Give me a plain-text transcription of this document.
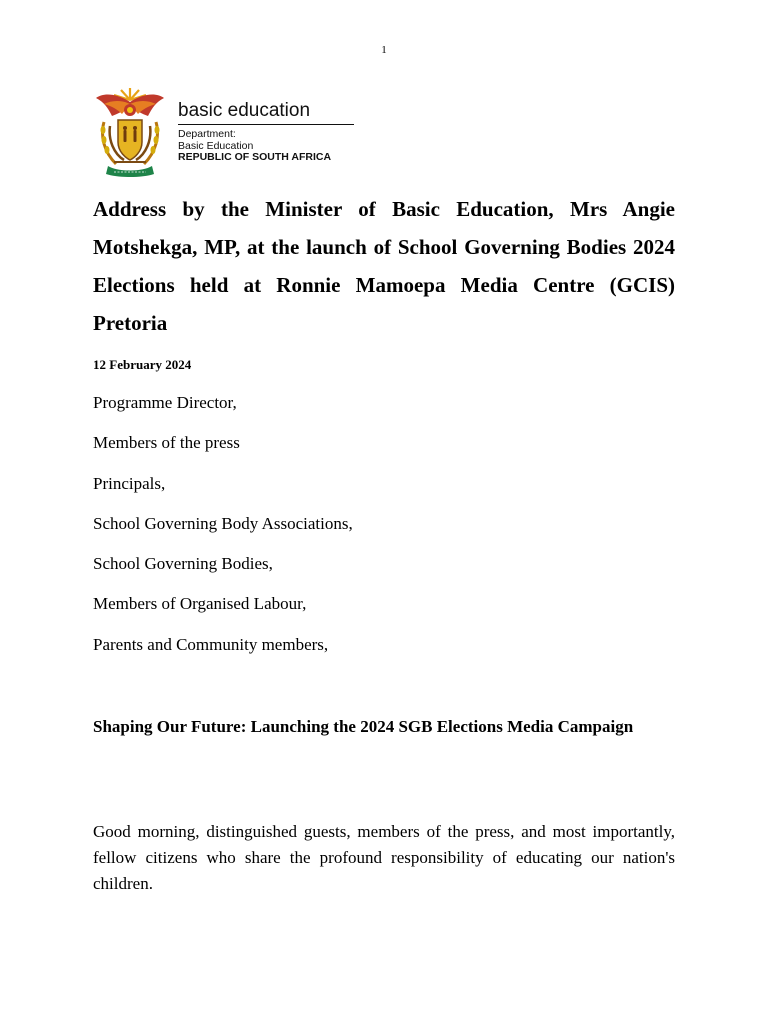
1
basic education
Department:
Basic Education
REPUBLIC OF SOUTH AFRICA
Address by the Minister of Basic Education, Mrs Angie Motshekga, MP, at the launch of School Governing Bodies 2024 Elections held at Ronnie Mamoepa Media Centre (GCIS) Pretoria
12 February 2024
Programme Director,
Members of the press
Principals,
School Governing Body Associations,
School Governing Bodies,
Members of Organised Labour,
Parents and Community members,
Shaping Our Future: Launching the 2024 SGB Elections Media Campaign

Good morning, distinguished guests, members of the press, and most importantly, fellow citizens who share the profound responsibility of educating our nation's children.
